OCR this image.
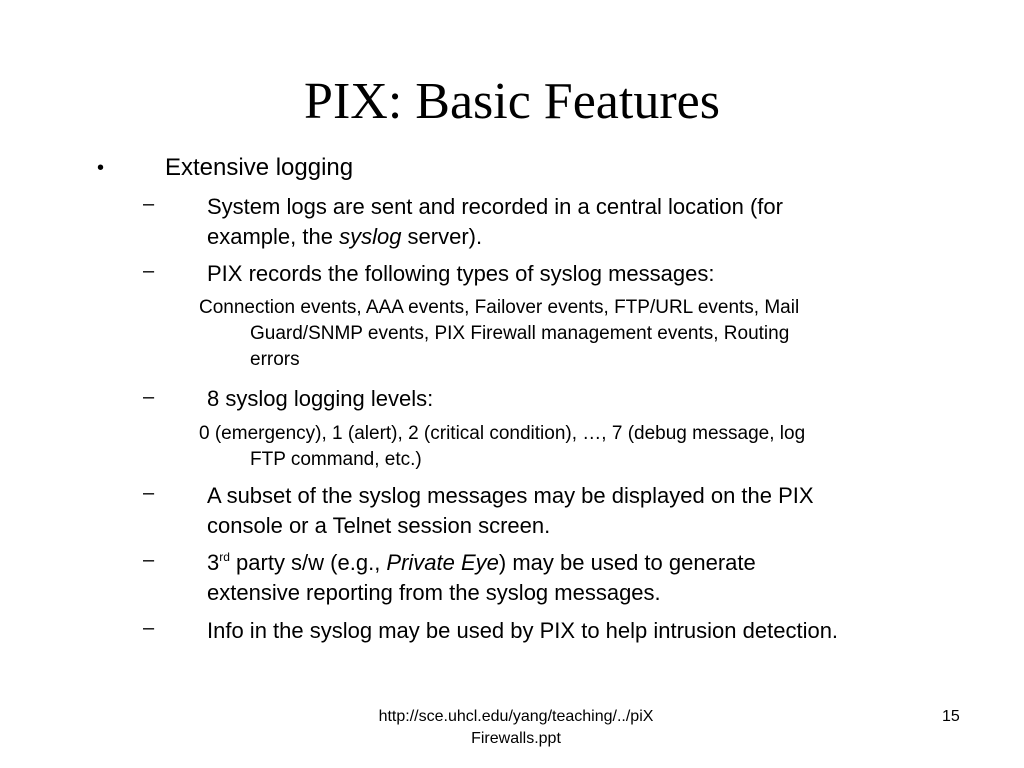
PIX: Basic Features
•	Extensive logging
– System logs are sent and recorded in a central location (for
example, the syslog server).
– PIX records the following types of syslog messages:
Connection events, AAA events, Failover events, FTP/URL events, Mail
Guard/SNMP events, PIX Firewall management events, Routing
errors
– 8 syslog logging levels:
0 (emergency), 1 (alert), 2 (critical condition), …, 7 (debug message, log
FTP command, etc.)
– A subset of the syslog messages may be displayed on the PIX
console or a Telnet session screen.
– 3rd party s/w (e.g., Private Eye) may be used to generate
extensive reporting from the syslog messages.
– Info in the syslog may be used by PIX to help intrusion detection.
http://sce.uhcl.edu/yang/teaching/../piX Firewalls.ppt
15
